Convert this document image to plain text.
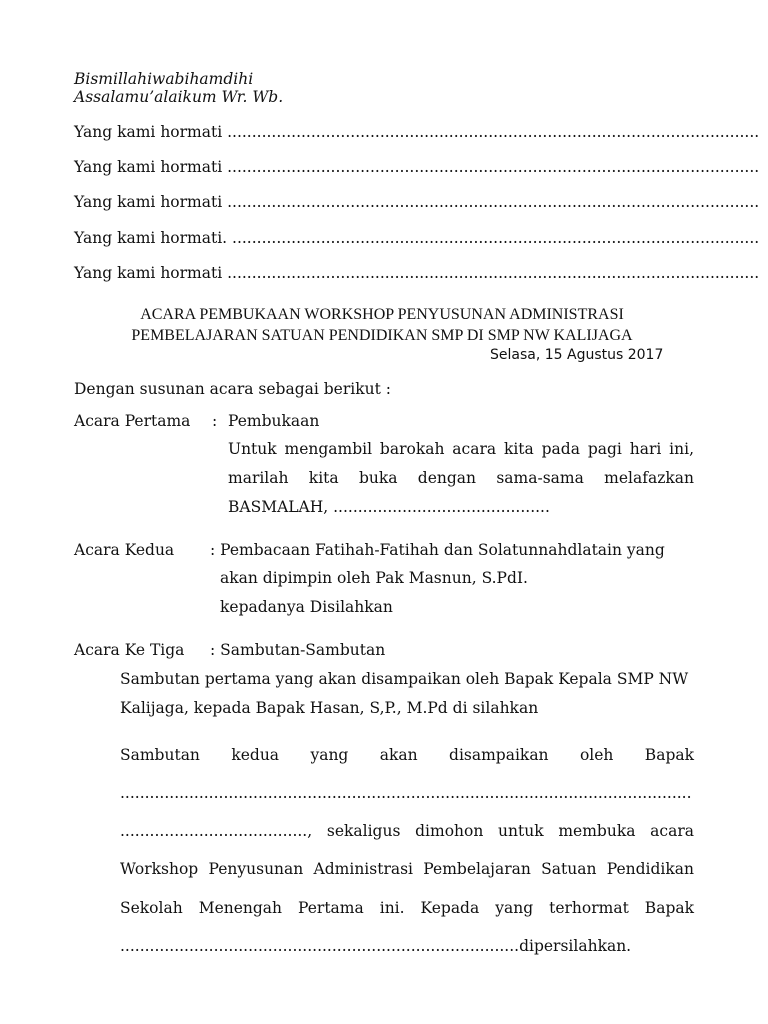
Bismillahiwabihamdihi
Assalamu’alaikum Wr. Wb.
Yang kami hormati ............................................................................................................
Yang kami hormati ............................................................................................................
Yang kami hormati ............................................................................................................
Yang kami hormati. ...........................................................................................................
Yang kami hormati ............................................................................................................
ACARA PEMBUKAAN WORKSHOP PENYUSUNAN ADMINISTRASI
PEMBELAJARAN SATUAN PENDIDIKAN SMP DI SMP NW KALIJAGA
Selasa, 15 Agustus 2017
Dengan susunan acara sebagai berikut :
Acara Pertama : Pembukaan
Untuk mengambil barokah acara kita pada pagi hari ini,
marilah kita buka dengan sama-sama melafazkan
BASMALAH, ............................................
Acara Kedua : Pembacaan Fatihah-Fatihah dan Solatunnahdlatain yang
akan dipimpin oleh Pak Masnun, S.PdI.
kepadanya Disilahkan
Acara Ke Tiga : Sambutan-Sambutan
Sambutan pertama yang akan disampaikan oleh Bapak Kepala SMP NW
Kalijaga, kepada Bapak Hasan, S,P., M.Pd di silahkan
Sambutan kedua yang akan disampaikan oleh Bapak
....................................................................................................................
......................................, sekaligus dimohon untuk membuka acara
Workshop Penyusunan Administrasi Pembelajaran Satuan Pendidikan
Sekolah Menengah Pertama ini. Kepada yang terhormat Bapak
.................................................................................dipersilahkan.
